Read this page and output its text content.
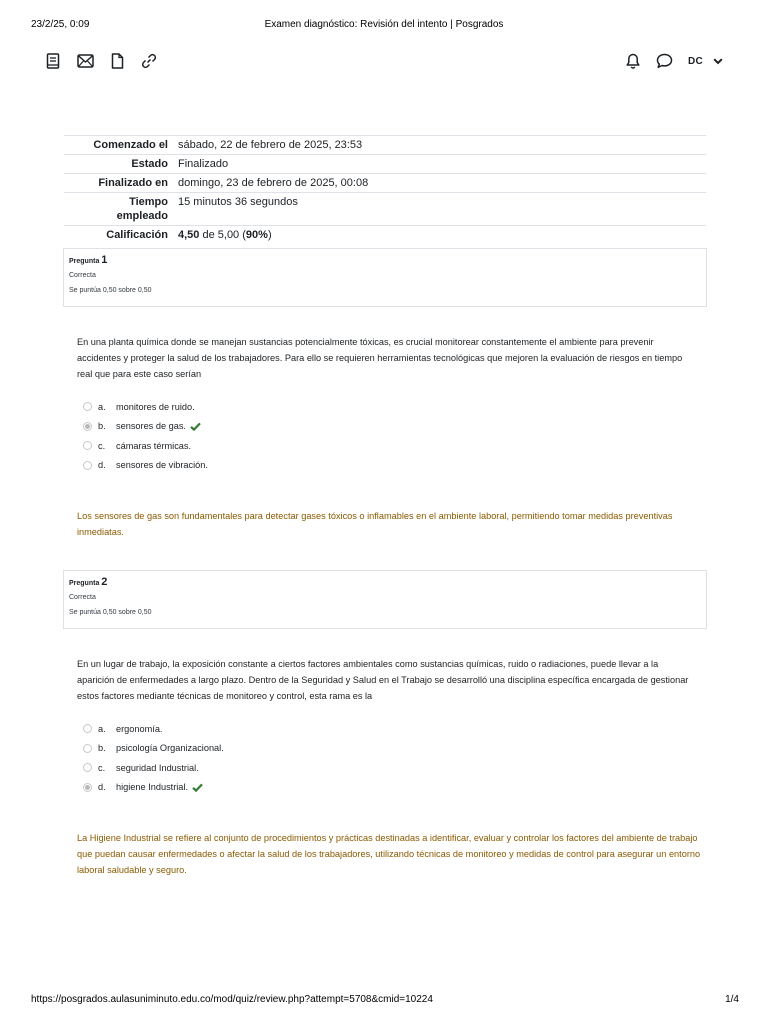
23/2/25, 0:09	Examen diagnóstico: Revisión del intento | Posgrados
DC
Comenzado el	sábado, 22 de febrero de 2025, 23:53
Estado	Finalizado
Finalizado en	domingo, 23 de febrero de 2025, 00:08
Tiempo empleado	15 minutos 36 segundos
Calificación	4,50 de 5,00 (90%)
Pregunta 1
Correcta
Se puntúa 0,50 sobre 0,50
En una planta química donde se manejan sustancias potencialmente tóxicas, es crucial monitorear constantemente el ambiente para prevenir accidentes y proteger la salud de los trabajadores. Para ello se requieren herramientas tecnológicas que mejoren la evaluación de riesgos en tiempo real que para este caso serían
a.	monitores de ruido.
b.	sensores de gas.
c.	cámaras térmicas.
d.	sensores de vibración.
Los sensores de gas son fundamentales para detectar gases tóxicos o inflamables en el ambiente laboral, permitiendo tomar medidas preventivas inmediatas.
Pregunta 2
Correcta
Se puntúa 0,50 sobre 0,50
En un lugar de trabajo, la exposición constante a ciertos factores ambientales como sustancias químicas, ruido o radiaciones, puede llevar a la aparición de enfermedades a largo plazo. Dentro de la Seguridad y Salud en el Trabajo se desarrolló una disciplina específica encargada de gestionar estos factores mediante técnicas de monitoreo y control, esta rama es la
a.	ergonomía.
b.	psicología Organizacional.
c.	seguridad Industrial.
d.	higiene Industrial.
La Higiene Industrial se refiere al conjunto de procedimientos y prácticas destinadas a identificar, evaluar y controlar los factores del ambiente de trabajo que puedan causar enfermedades o afectar la salud de los trabajadores, utilizando técnicas de monitoreo y medidas de control para asegurar un entorno laboral saludable y seguro.
https://posgrados.aulasuniminuto.edu.co/mod/quiz/review.php?attempt=5708&cmid=10224	1/4
